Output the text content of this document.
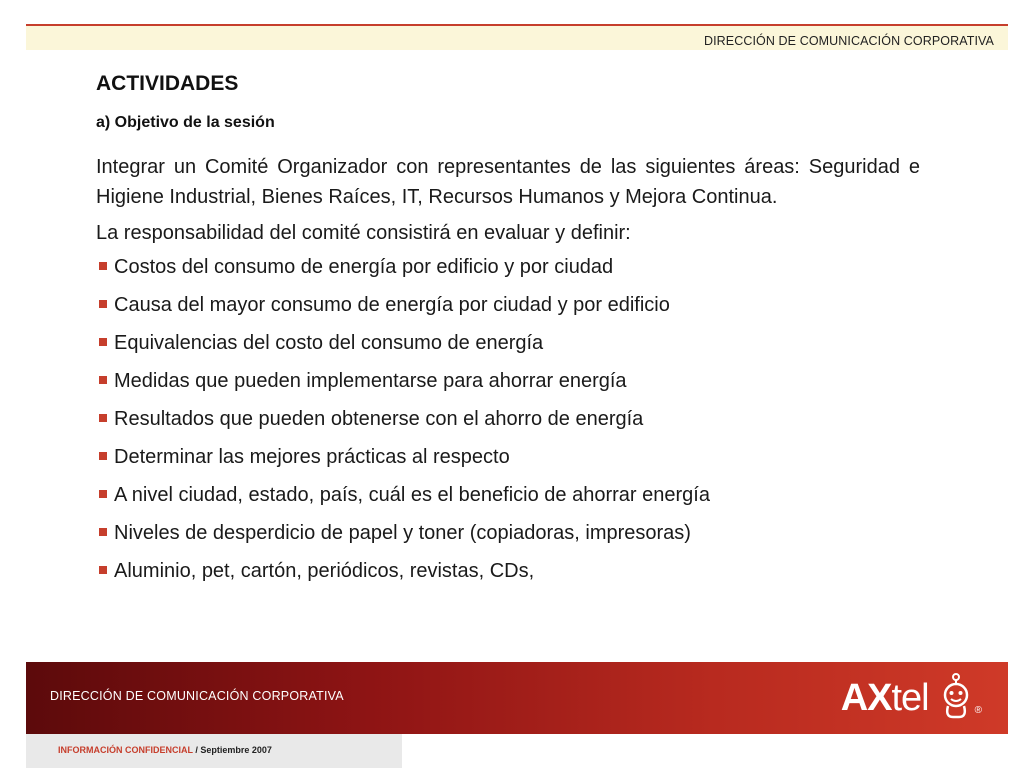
DIRECCIÓN DE COMUNICACIÓN CORPORATIVA
ACTIVIDADES
a) Objetivo de la sesión

Integrar un Comité Organizador con representantes de las siguientes áreas: Seguridad e Higiene Industrial, Bienes Raíces, IT, Recursos Humanos y Mejora Continua.

La responsabilidad del comité consistirá en evaluar y definir:

Costos del consumo de energía por edificio y por ciudad
Causa del mayor consumo de energía por ciudad y por edificio
Equivalencias del costo del consumo de energía
Medidas que pueden implementarse para ahorrar energía
Resultados que pueden obtenerse con el ahorro de energía
Determinar las mejores prácticas al respecto
A nivel ciudad, estado, país, cuál es el beneficio de ahorrar energía
Niveles de desperdicio de papel y toner (copiadoras, impresoras)
Aluminio, pet, cartón, periódicos, revistas, CDs,
DIRECCIÓN DE COMUNICACIÓN CORPORATIVA	AX tel	®
INFORMACIÓN CONFIDENCIAL / Septiembre 2007
